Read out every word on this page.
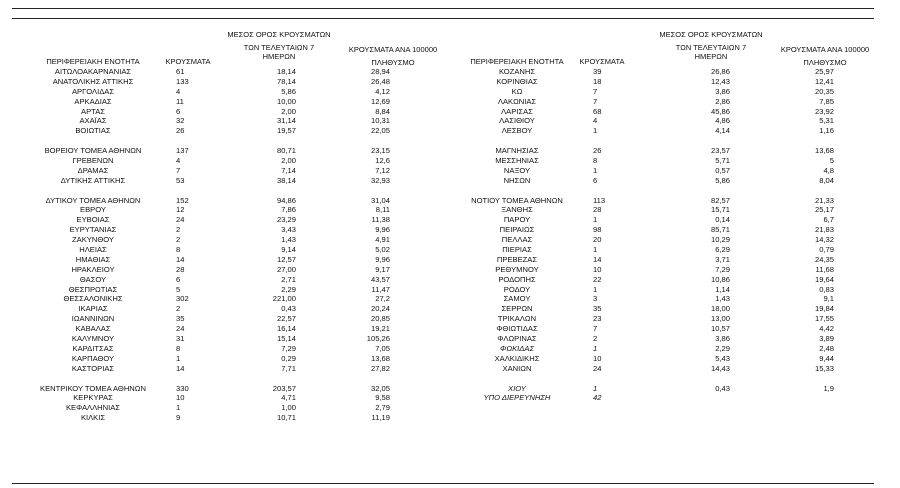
ΠΕΡΙΦΕΡΕΙΑΚΗ ΕΝΟΤΗΤΑ	ΚΡΟΥΣΜΑΤΑ
ΜΕΣΟΣ ΟΡΟΣ ΚΡΟΥΣΜΑΤΩΝ
ΤΩΝ ΤΕΛΕΥΤΑΙΩΝ 7
ΗΜΕΡΩΝ
ΚΡΟΥΣΜΑΤΑ ΑΝΑ 100000
ΠΛΗΘΥΣΜΟ
ΑΙΤΩΛΟΑΚΑΡΝΑΝΙΑΣ	61	18,14	28,94
ΑΝΑΤΟΛΙΚΗΣ ΑΤΤΙΚΗΣ	133	78,14	26,48
ΑΡΓΟΛΙΔΑΣ	4	5,86	4,12
ΑΡΚΑΔΙΑΣ	11	10,00	12,69
ΑΡΤΑΣ	6	2,00	8,84
ΑΧΑΪΑΣ	32	31,14	10,31
ΒΟΙΩΤΙΑΣ	26	19,57	22,05
ΒΟΡΕΙΟΥ ΤΟΜΕΑ ΑΘΗΝΩΝ	137	80,71	23,15
ΓΡΕΒΕΝΩΝ	4	2,00	12,6
ΔΡΑΜΑΣ	7	7,14	7,12
ΔΥΤΙΚΗΣ ΑΤΤΙΚΗΣ	53	38,14	32,93
ΔΥΤΙΚΟΥ ΤΟΜΕΑ ΑΘΗΝΩΝ	152	94,86	31,04
ΕΒΡΟΥ	12	7,86	8,11
ΕΥΒΟΙΑΣ	24	23,29	11,38
ΕΥΡΥΤΑΝΙΑΣ	2	3,43	9,96
ΖΑΚΥΝΘΟΥ	2	1,43	4,91
ΗΛΕΙΑΣ	8	9,14	5,02
ΗΜΑΘΙΑΣ	14	12,57	9,96
ΗΡΑΚΛΕΙΟΥ	28	27,00	9,17
ΘΑΣΟΥ	6	2,71	43,57
ΘΕΣΠΡΩΤΙΑΣ	5	2,29	11,47
ΘΕΣΣΑΛΟΝΙΚΗΣ	302	221,00	27,2
ΙΚΑΡΙΑΣ	2	0,43	20,24
ΙΩΑΝΝΙΝΩΝ	35	22,57	20,85
ΚΑΒΑΛΑΣ	24	16,14	19,21
ΚΑΛΥΜΝΟΥ	31	15,14	105,26
ΚΑΡΔΙΤΣΑΣ	8	7,29	7,05
ΚΑΡΠΑΘΟΥ	1	0,29	13,68
ΚΑΣΤΟΡΙΑΣ	14	7,71	27,82
ΚΕΝΤΡΙΚΟΥ ΤΟΜΕΑ ΑΘΗΝΩΝ	330	203,57	32,05
ΚΕΡΚΥΡΑΣ	10	4,71	9,58
ΚΕΦΑΛΛΗΝΙΑΣ	1	1,00	2,79
ΚΙΛΚΙΣ	9	10,71	11,19
ΠΕΡΙΦΕΡΕΙΑΚΗ ΕΝΟΤΗΤΑ	ΚΡΟΥΣΜΑΤΑ
ΜΕΣΟΣ ΟΡΟΣ ΚΡΟΥΣΜΑΤΩΝ
ΤΩΝ ΤΕΛΕΥΤΑΙΩΝ 7
ΗΜΕΡΩΝ
ΚΡΟΥΣΜΑΤΑ ΑΝΑ 100000
ΠΛΗΘΥΣΜΟ
ΚΟΖΑΝΗΣ	39	26,86	25,97
ΚΟΡΙΝΘΙΑΣ	18	12,43	12,41
ΚΩ	7	3,86	20,35
ΛΑΚΩΝΙΑΣ	7	2,86	7,85
ΛΑΡΙΣΑΣ	68	45,86	23,92
ΛΑΣΙΘΙΟΥ	4	4,86	5,31
ΛΕΣΒΟΥ	1	4,14	1,16
ΜΑΓΝΗΣΙΑΣ	26	23,57	13,68
ΜΕΣΣΗΝΙΑΣ	8	5,71	5
ΝΑΞΟΥ	1	0,57	4,8
ΝΗΣΩΝ	6	5,86	8,04
ΝΟΤΙΟΥ ΤΟΜΕΑ ΑΘΗΝΩΝ	113	82,57	21,33
ΞΑΝΘΗΣ	28	15,71	25,17
ΠΑΡΟΥ	1	0,14	6,7
ΠΕΙΡΑΙΩΣ	98	85,71	21,83
ΠΕΛΛΑΣ	20	10,29	14,32
ΠΙΕΡΙΑΣ	1	6,29	0,79
ΠΡΕΒΕΖΑΣ	14	3,71	24,35
ΡΕΘΥΜΝΟΥ	10	7,29	11,68
ΡΟΔΟΠΗΣ	22	10,86	19,64
ΡΟΔΟΥ	1	1,14	0,83
ΣΑΜΟΥ	3	1,43	9,1
ΣΕΡΡΩΝ	35	18,00	19,84
ΤΡΙΚΑΛΩΝ	23	13,00	17,55
ΦΘΙΩΤΙΔΑΣ	7	10,57	4,42
ΦΛΩΡΙΝΑΣ	2	3,86	3,89
ΦΩΚΙΔΑΣ	1	2,29	2,48
ΧΑΛΚΙΔΙΚΗΣ	10	5,43	9,44
ΧΑΝΙΩΝ	24	14,43	15,33
ΧΙΟΥ	1	0,43	1,9
ΥΠΟ ΔΙΕΡΕΥΝΗΣΗ	42
